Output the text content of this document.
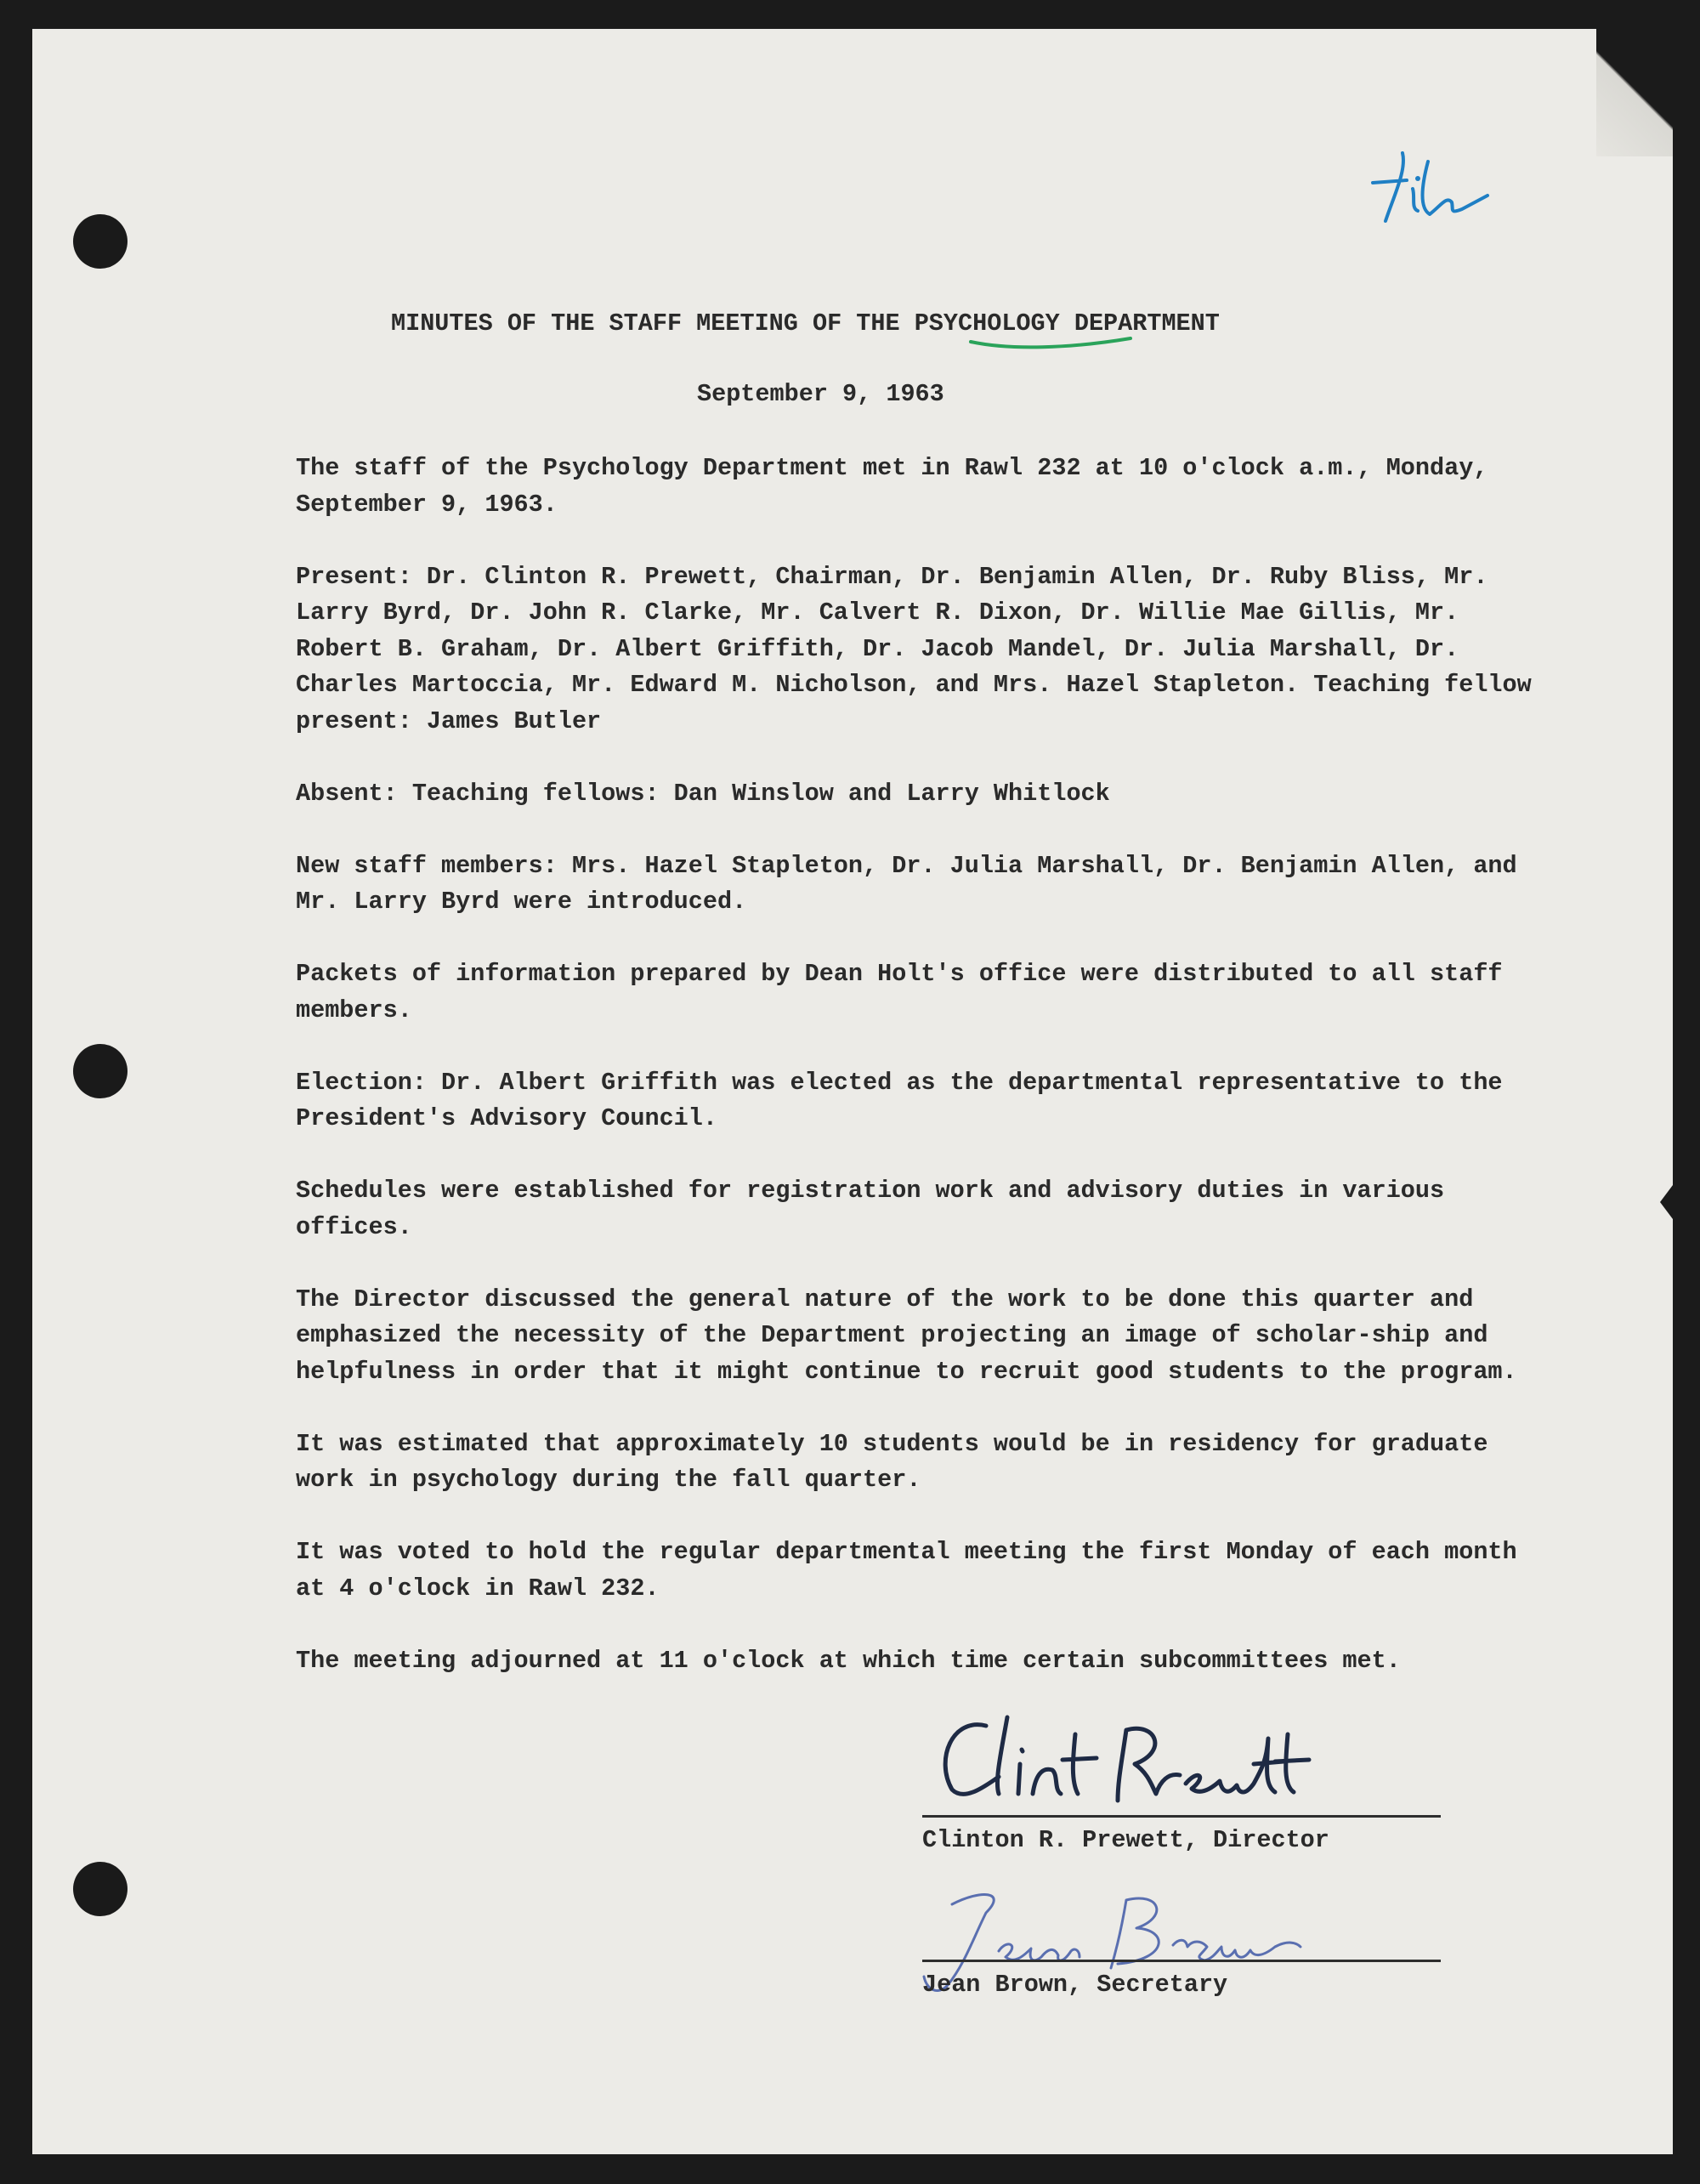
MINUTES OF THE STAFF MEETING OF THE PSYCHOLOGY DEPARTMENT
September 9, 1963

The staff of the Psychology Department met in Rawl 232 at 10 o'clock a.m., Monday, September 9, 1963.

Present: Dr. Clinton R. Prewett, Chairman, Dr. Benjamin Allen, Dr. Ruby Bliss, Mr. Larry Byrd, Dr. John R. Clarke, Mr. Calvert R. Dixon, Dr. Willie Mae Gillis, Mr. Robert B. Graham, Dr. Albert Griffith, Dr. Jacob Mandel, Dr. Julia Marshall, Dr. Charles Martoccia, Mr. Edward M. Nicholson, and Mrs. Hazel Stapleton. Teaching fellow present: James Butler

Absent: Teaching fellows: Dan Winslow and Larry Whitlock

New staff members: Mrs. Hazel Stapleton, Dr. Julia Marshall, Dr. Benjamin Allen, and Mr. Larry Byrd were introduced.

Packets of information prepared by Dean Holt's office were distributed to all staff members.

Election: Dr. Albert Griffith was elected as the departmental representative to the President's Advisory Council.

Schedules were established for registration work and advisory duties in various offices.

The Director discussed the general nature of the work to be done this quarter and emphasized the necessity of the Department projecting an image of scholar-ship and helpfulness in order that it might continue to recruit good students to the program.

It was estimated that approximately 10 students would be in residency for graduate work in psychology during the fall quarter.

It was voted to hold the regular departmental meeting the first Monday of each month at 4 o'clock in Rawl 232.

The meeting adjourned at 11 o'clock at which time certain subcommittees met.

Clinton R. Prewett, Director
Jean Brown, Secretary
